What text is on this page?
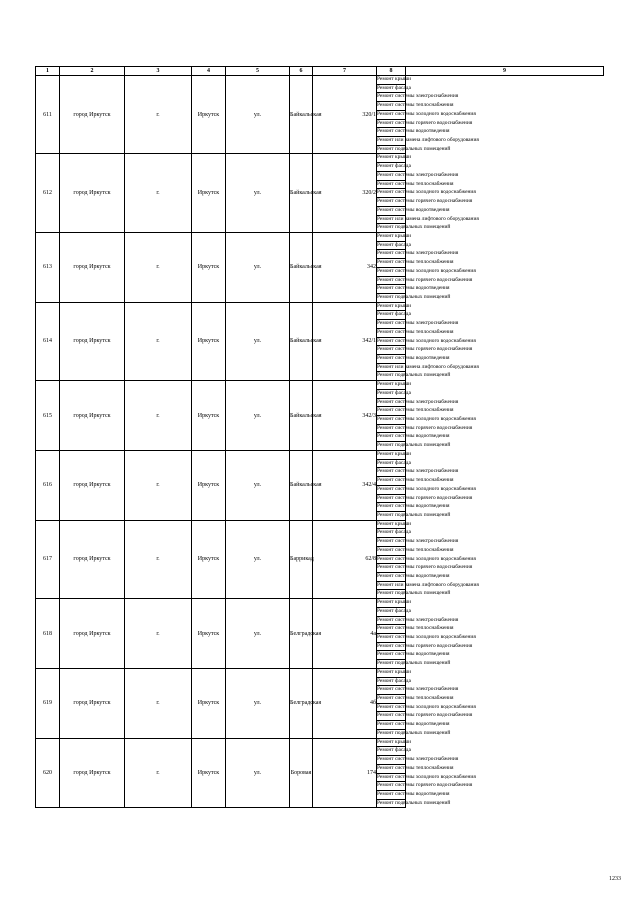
1	2	3	4	5	6	7	8	9
611	город Иркутск	г.	Иркутск	ул.	Байкальская	320/1	Ремонт крыши	
							Ремонт фасада	
							Ремонт системы электроснабжения	
							Ремонт системы теплоснабжения	
							Ремонт системы холодного водоснабжения	
							Ремонт системы горячего водоснабжения	
							Ремонт системы водоотведения	
							Ремонт или замена лифтового оборудования	
							Ремонт подвальных помещений	
612	город Иркутск	г.	Иркутск	ул.	Байкальская	320/2	Ремонт крыши	
							Ремонт фасада	
							Ремонт системы электроснабжения	
							Ремонт системы теплоснабжения	
							Ремонт системы холодного водоснабжения	
							Ремонт системы горячего водоснабжения	
							Ремонт системы водоотведения	
							Ремонт или замена лифтового оборудования	
							Ремонт подвальных помещений	
613	город Иркутск	г.	Иркутск	ул.	Байкальская	342	Ремонт крыши	
							Ремонт фасада	
							Ремонт системы электроснабжения	
							Ремонт системы теплоснабжения	
							Ремонт системы холодного водоснабжения	
							Ремонт системы горячего водоснабжения	
							Ремонт системы водоотведения	
							Ремонт подвальных помещений	
614	город Иркутск	г.	Иркутск	ул.	Байкальская	342/1	Ремонт крыши	
							Ремонт фасада	
							Ремонт системы электроснабжения	
							Ремонт системы теплоснабжения	
							Ремонт системы холодного водоснабжения	
							Ремонт системы горячего водоснабжения	
							Ремонт системы водоотведения	
							Ремонт или замена лифтового оборудования	
							Ремонт подвальных помещений	
615	город Иркутск	г.	Иркутск	ул.	Байкальская	342/3	Ремонт крыши	
							Ремонт фасада	
							Ремонт системы электроснабжения	
							Ремонт системы теплоснабжения	
							Ремонт системы холодного водоснабжения	
							Ремонт системы горячего водоснабжения	
							Ремонт системы водоотведения	
							Ремонт подвальных помещений	
616	город Иркутск	г.	Иркутск	ул.	Байкальская	342/4	Ремонт крыши	
							Ремонт фасада	
							Ремонт системы электроснабжения	
							Ремонт системы теплоснабжения	
							Ремонт системы холодного водоснабжения	
							Ремонт системы горячего водоснабжения	
							Ремонт системы водоотведения	
							Ремонт подвальных помещений	
617	город Иркутск	г.	Иркутск	ул.	Баррикад	62/8	Ремонт крыши	
							Ремонт фасада	
							Ремонт системы электроснабжения	
							Ремонт системы теплоснабжения	
							Ремонт системы холодного водоснабжения	
							Ремонт системы горячего водоснабжения	
							Ремонт системы водоотведения	
							Ремонт или замена лифтового оборудования	
							Ремонт подвальных помещений	
618	город Иркутск	г.	Иркутск	ул.	Белградская	4а	Ремонт крыши	
							Ремонт фасада	
							Ремонт системы электроснабжения	
							Ремонт системы теплоснабжения	
							Ремонт системы холодного водоснабжения	
							Ремонт системы горячего водоснабжения	
							Ремонт системы водоотведения	
							Ремонт подвальных помещений	
619	город Иркутск	г.	Иркутск	ул.	Белградская	4б	Ремонт крыши	
							Ремонт фасада	
							Ремонт системы электроснабжения	
							Ремонт системы теплоснабжения	
							Ремонт системы холодного водоснабжения	
							Ремонт системы горячего водоснабжения	
							Ремонт системы водоотведения	
							Ремонт подвальных помещений	
620	город Иркутск	г.	Иркутск	ул.	Боровая	174	Ремонт крыши	
							Ремонт фасада	
							Ремонт системы электроснабжения	
							Ремонт системы теплоснабжения	
							Ремонт системы холодного водоснабжения	
							Ремонт системы горячего водоснабжения	
							Ремонт системы водоотведения	
							Ремонт подвальных помещений	
1233
